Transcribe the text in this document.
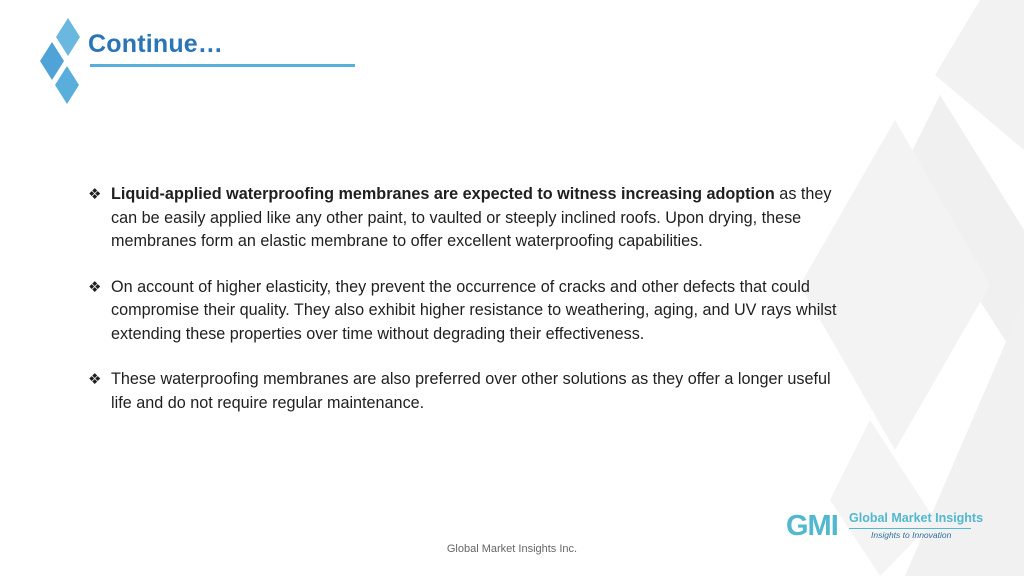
Continue…
❖ Liquid-applied waterproofing membranes are expected to witness increasing adoption as they can be easily applied like any other paint, to vaulted or steeply inclined roofs. Upon drying, these membranes form an elastic membrane to offer excellent waterproofing capabilities.
❖ On account of higher elasticity, they prevent the occurrence of cracks and other defects that could compromise their quality. They also exhibit higher resistance to weathering, aging, and UV rays whilst extending these properties over time without degrading their effectiveness.
❖ These waterproofing membranes are also preferred over other solutions as they offer a longer useful life and do not require regular maintenance.
GMI Global Market Insights
Insights to Innovation
Global Market Insights Inc.
